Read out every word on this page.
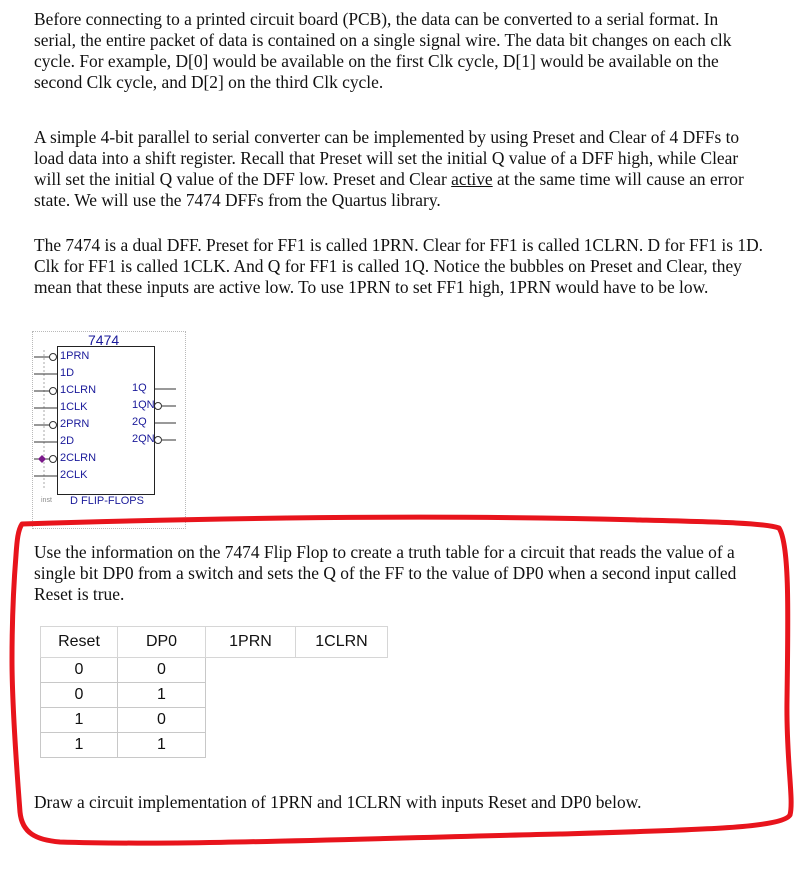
Before connecting to a printed circuit board (PCB), the data can be converted to a serial format. In serial, the entire packet of data is contained on a single signal wire. The data bit changes on each clk cycle. For example, D[0] would be available on the first Clk cycle, D[1] would be available on the second Clk cycle, and D[2] on the third Clk cycle.

A simple 4-bit parallel to serial converter can be implemented by using Preset and Clear of 4 DFFs to load data into a shift register. Recall that Preset will set the initial Q value of a DFF high, while Clear will set the initial Q value of the DFF low. Preset and Clear active at the same time will cause an error state. We will use the 7474 DFFs from the Quartus library.

The 7474 is a dual DFF. Preset for FF1 is called 1PRN. Clear for FF1 is called 1CLRN. D for FF1 is 1D. Clk for FF1 is called 1CLK. And Q for FF1 is called 1Q. Notice the bubbles on Preset and Clear, they mean that these inputs are active low. To use 1PRN to set FF1 high, 1PRN would have to be low.

7474
1PRN
1D
1CLRN
1CLK
2PRN
2D
2CLRN
2CLK
1Q
1QN
2Q
2QN
inst D FLIP-FLOPS

Use the information on the 7474 Flip Flop to create a truth table for a circuit that reads the value of a single bit DP0 from a switch and sets the Q of the FF to the value of DP0 when a second input called Reset is true.

Reset	DP0	1PRN	1CLRN
0	0		
0	1		
1	0		
1	1		

Draw a circuit implementation of 1PRN and 1CLRN with inputs Reset and DP0 below.
